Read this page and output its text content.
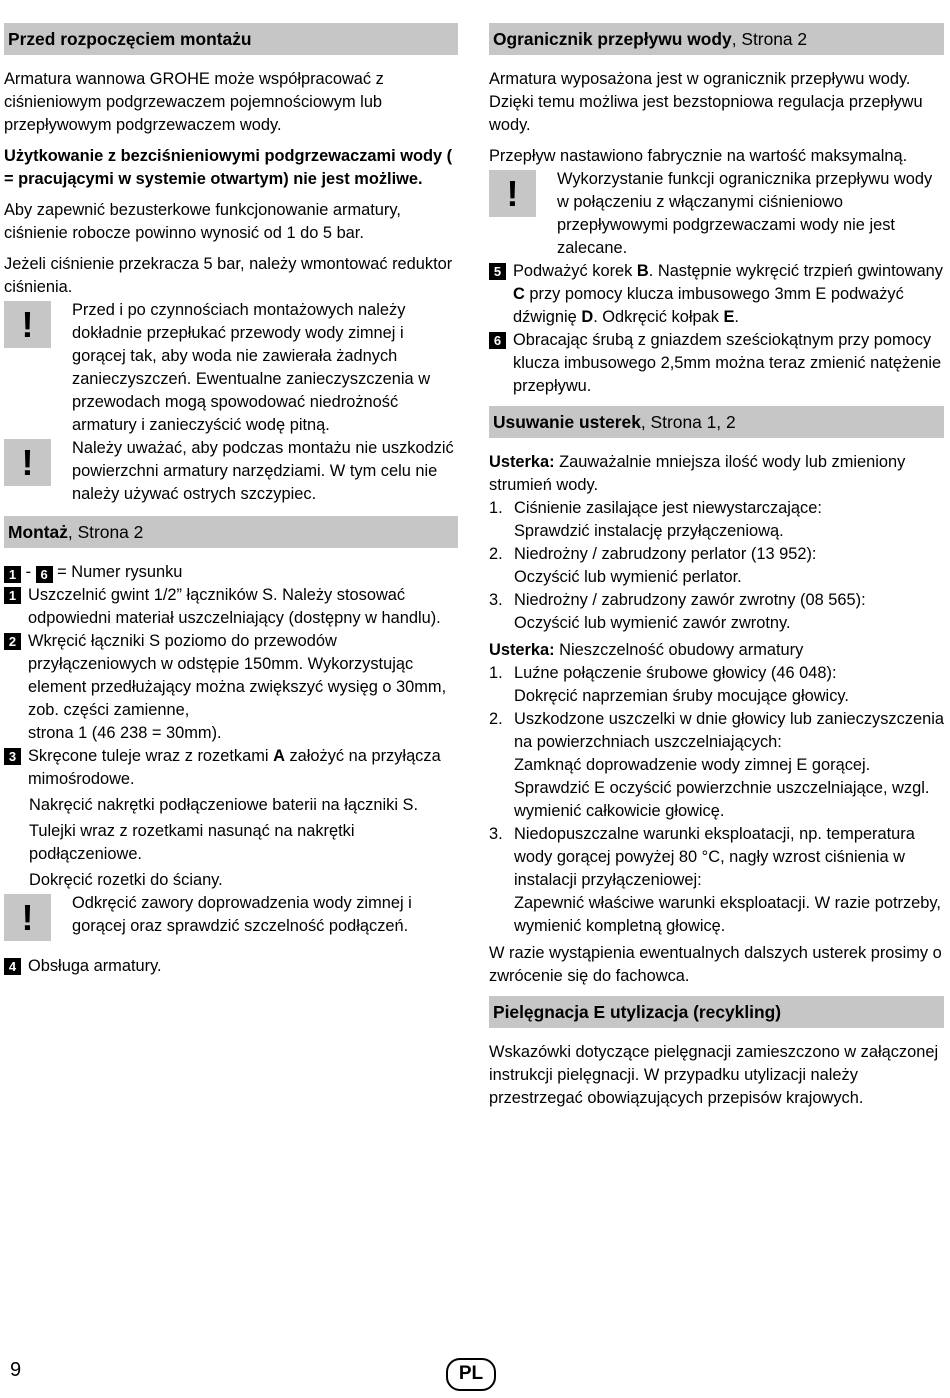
Przed rozpoczęciem montażu

Armatura wannowa GROHE może współpracować z ciśnieniowym podgrzewaczem pojemnościowym lub przepływowym podgrzewaczem wody.

Użytkowanie z bezciśnieniowymi podgrzewaczami wody ( = pracującymi w systemie otwartym) nie jest możliwe.

Aby zapewnić bezusterkowe funkcjonowanie armatury, ciśnienie robocze powinno wynosić od 1 do 5 bar.

Jeżeli ciśnienie przekracza 5 bar, należy wmontować reduktor ciśnienia.

!	Przed i po czynnościach montażowych należy dokładnie przepłukać przewody wody zimnej i gorącej tak, aby woda nie zawierała żadnych zanieczyszczeń. Ewentualne zanieczyszczenia w przewodach mogą spowodować niedrożność armatury i zanieczyścić wodę pitną.
!	Należy uważać, aby podczas montażu nie uszkodzić powierzchni armatury narzędziami. W tym celu nie należy używać ostrych szczypiec.
Montaż, Strona 2
1 - 6 = Numer rysunku
1 Uszczelnić gwint 1/2” łączników S. Należy stosować odpowiedni materiał uszczelniający (dostępny w handlu).
2 Wkręcić łączniki S poziomo do przewodów przyłączeniowych w odstępie 150mm. Wykorzystując element przedłużający można zwiększyć wysięg o 30mm, zob. części zamienne,
strona 1 (46 238 = 30mm).
3 Skręcone tuleje wraz z rozetkami A założyć na przyłącza mimośrodowe.
Nakręcić nakrętki podłączeniowe baterii na łączniki S.
Tulejki wraz z rozetkami nasunąć na nakrętki podłączeniowe.
Dokręcić rozetki do ściany.
!	Odkręcić zawory doprowadzenia wody zimnej i gorącej oraz sprawdzić szczelność podłączeń.
4 Obsługa armatury.
Ogranicznik przepływu wody, Strona 2

Armatura wyposażona jest w ogranicznik przepływu wody. Dzięki temu możliwa jest bezstopniowa regulacja przepływu wody.

Przepływ nastawiono fabrycznie na wartość maksymalną.

!	Wykorzystanie funkcji ogranicznika przepływu wody w połączeniu z włączanymi ciśnieniowo przepływowymi podgrzewaczami wody nie jest zalecane.
5 Podważyć korek B. Następnie wykręcić trzpień gwintowany C przy pomocy klucza imbusowego 3mm E podważyć dźwignię D. Odkręcić kołpak E.
6 Obracając śrubą z gniazdem sześciokątnym przy pomocy klucza imbusowego 2,5mm można teraz zmienić natężenie przepływu.
Usuwanie usterek, Strona 1, 2
Usterka: Zauważalnie mniejsza ilość wody lub zmieniony strumień wody.
1. Ciśnienie zasilające jest niewystarczające:
Sprawdzić instalację przyłączeniową.
2. Niedrożny / zabrudzony perlator (13 952):
Oczyścić lub wymienić perlator.
3. Niedrożny / zabrudzony zawór zwrotny (08 565):
Oczyścić lub wymienić zawór zwrotny.
Usterka: Nieszczelność obudowy armatury
1. Luźne połączenie śrubowe głowicy (46 048):
Dokręcić naprzemian śruby mocujące głowicy.
2. Uszkodzone uszczelki w dnie głowicy lub zanieczyszczenia na powierzchniach uszczelniających:
Zamknąć doprowadzenie wody zimnej E gorącej.
Sprawdzić E oczyścić powierzchnie uszczelniające, wzgl. wymienić całkowicie głowicę.
3. Niedopuszczalne warunki eksploatacji, np. temperatura wody gorącej powyżej 80 °C, nagły wzrost ciśnienia w instalacji przyłączeniowej:
Zapewnić właściwe warunki eksploatacji. W razie potrzeby, wymienić kompletną głowicę.

W razie wystąpienia ewentualnych dalszych usterek prosimy o zwrócenie się do fachowca.

Pielęgnacja E utylizacja (recykling)

Wskazówki dotyczące pielęgnacji zamieszczono w załączonej instrukcji pielęgnacji. W przypadku utylizacji należy przestrzegać obowiązujących przepisów krajowych.

9	PL
